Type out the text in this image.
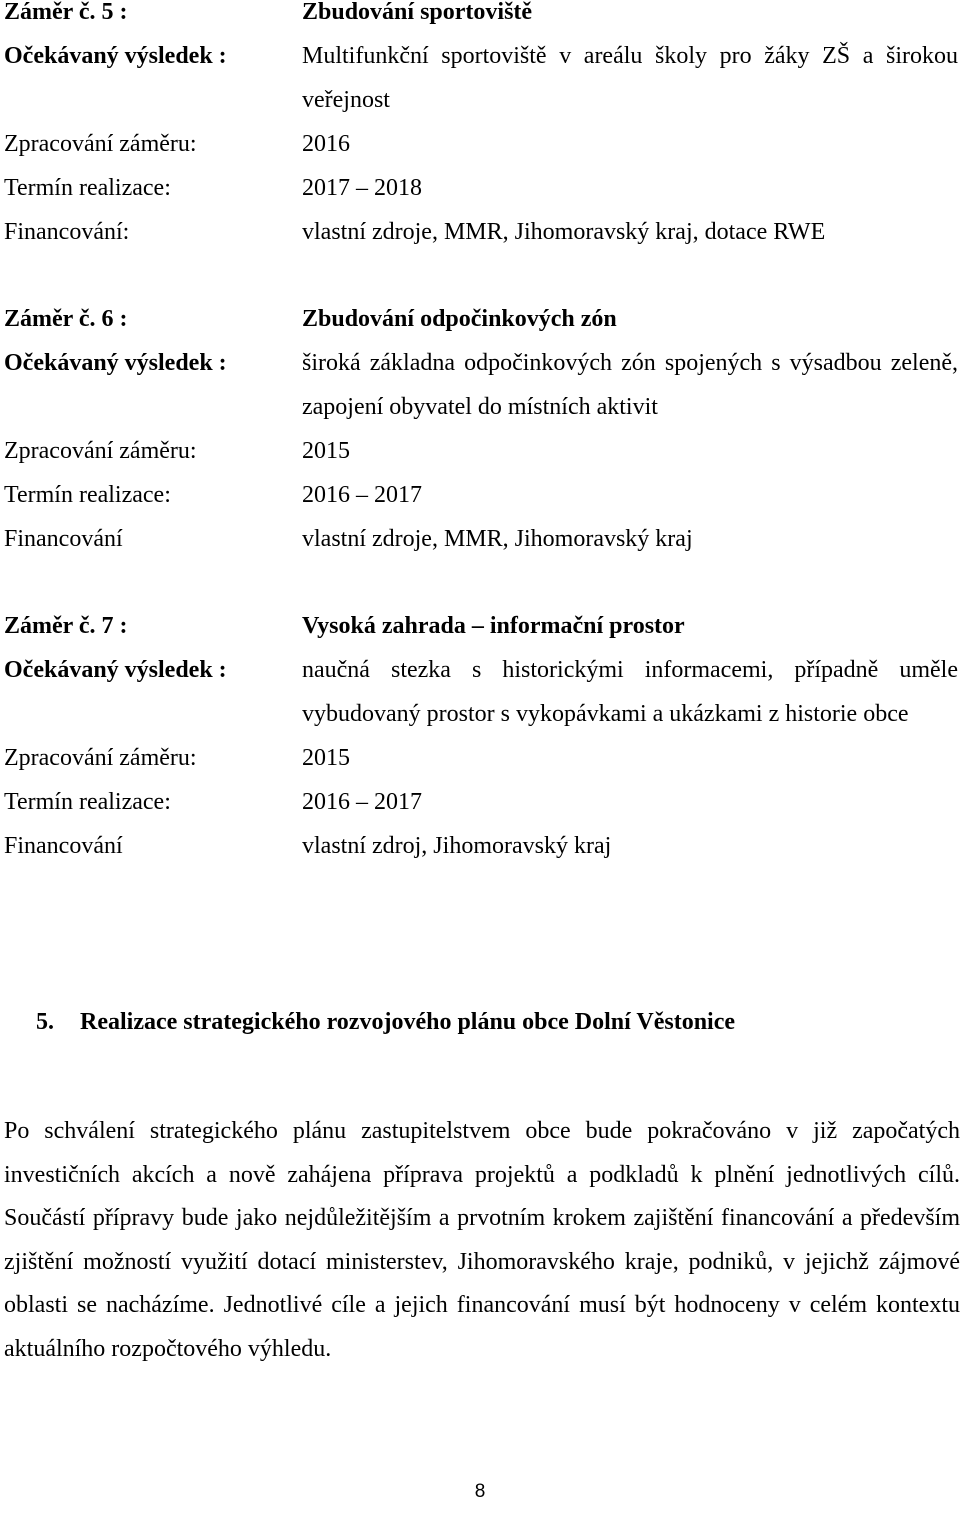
Záměr č. 5 :	Zbudování sportoviště
Očekávaný výsledek :	Multifunkční sportoviště v areálu školy pro žáky ZŠ a širokou veřejnost
Zpracování záměru:	2016
Termín realizace:	2017 – 2018
Financování:	vlastní zdroje, MMR, Jihomoravský kraj, dotace RWE
Záměr č. 6 :	Zbudování odpočinkových zón
Očekávaný výsledek :	široká základna odpočinkových zón spojených s výsadbou zeleně, zapojení obyvatel do místních aktivit
Zpracování záměru:	2015
Termín realizace:	2016 – 2017
Financování	vlastní zdroje, MMR, Jihomoravský kraj
Záměr č. 7 :	Vysoká zahrada – informační prostor
Očekávaný výsledek :	naučná stezka s historickými informacemi, případně uměle vybudovaný prostor s vykopávkami a ukázkami z historie obce
Zpracování záměru:	2015
Termín realizace:	2016 – 2017
Financování	vlastní zdroj, Jihomoravský kraj
5. Realizace strategického rozvojového plánu obce Dolní Věstonice

Po schválení strategického plánu zastupitelstvem obce bude pokračováno v již započatých investičních akcích a nově zahájena příprava projektů a podkladů k plnění jednotlivých cílů. Součástí přípravy bude jako nejdůležitějším a prvotním krokem zajištění financování a především zjištění možností využití dotací ministerstev, Jihomoravského kraje, podniků, v jejichž zájmové oblasti se nacházíme. Jednotlivé cíle a jejich financování musí být hodnoceny v celém kontextu aktuálního rozpočtového výhledu.

8
